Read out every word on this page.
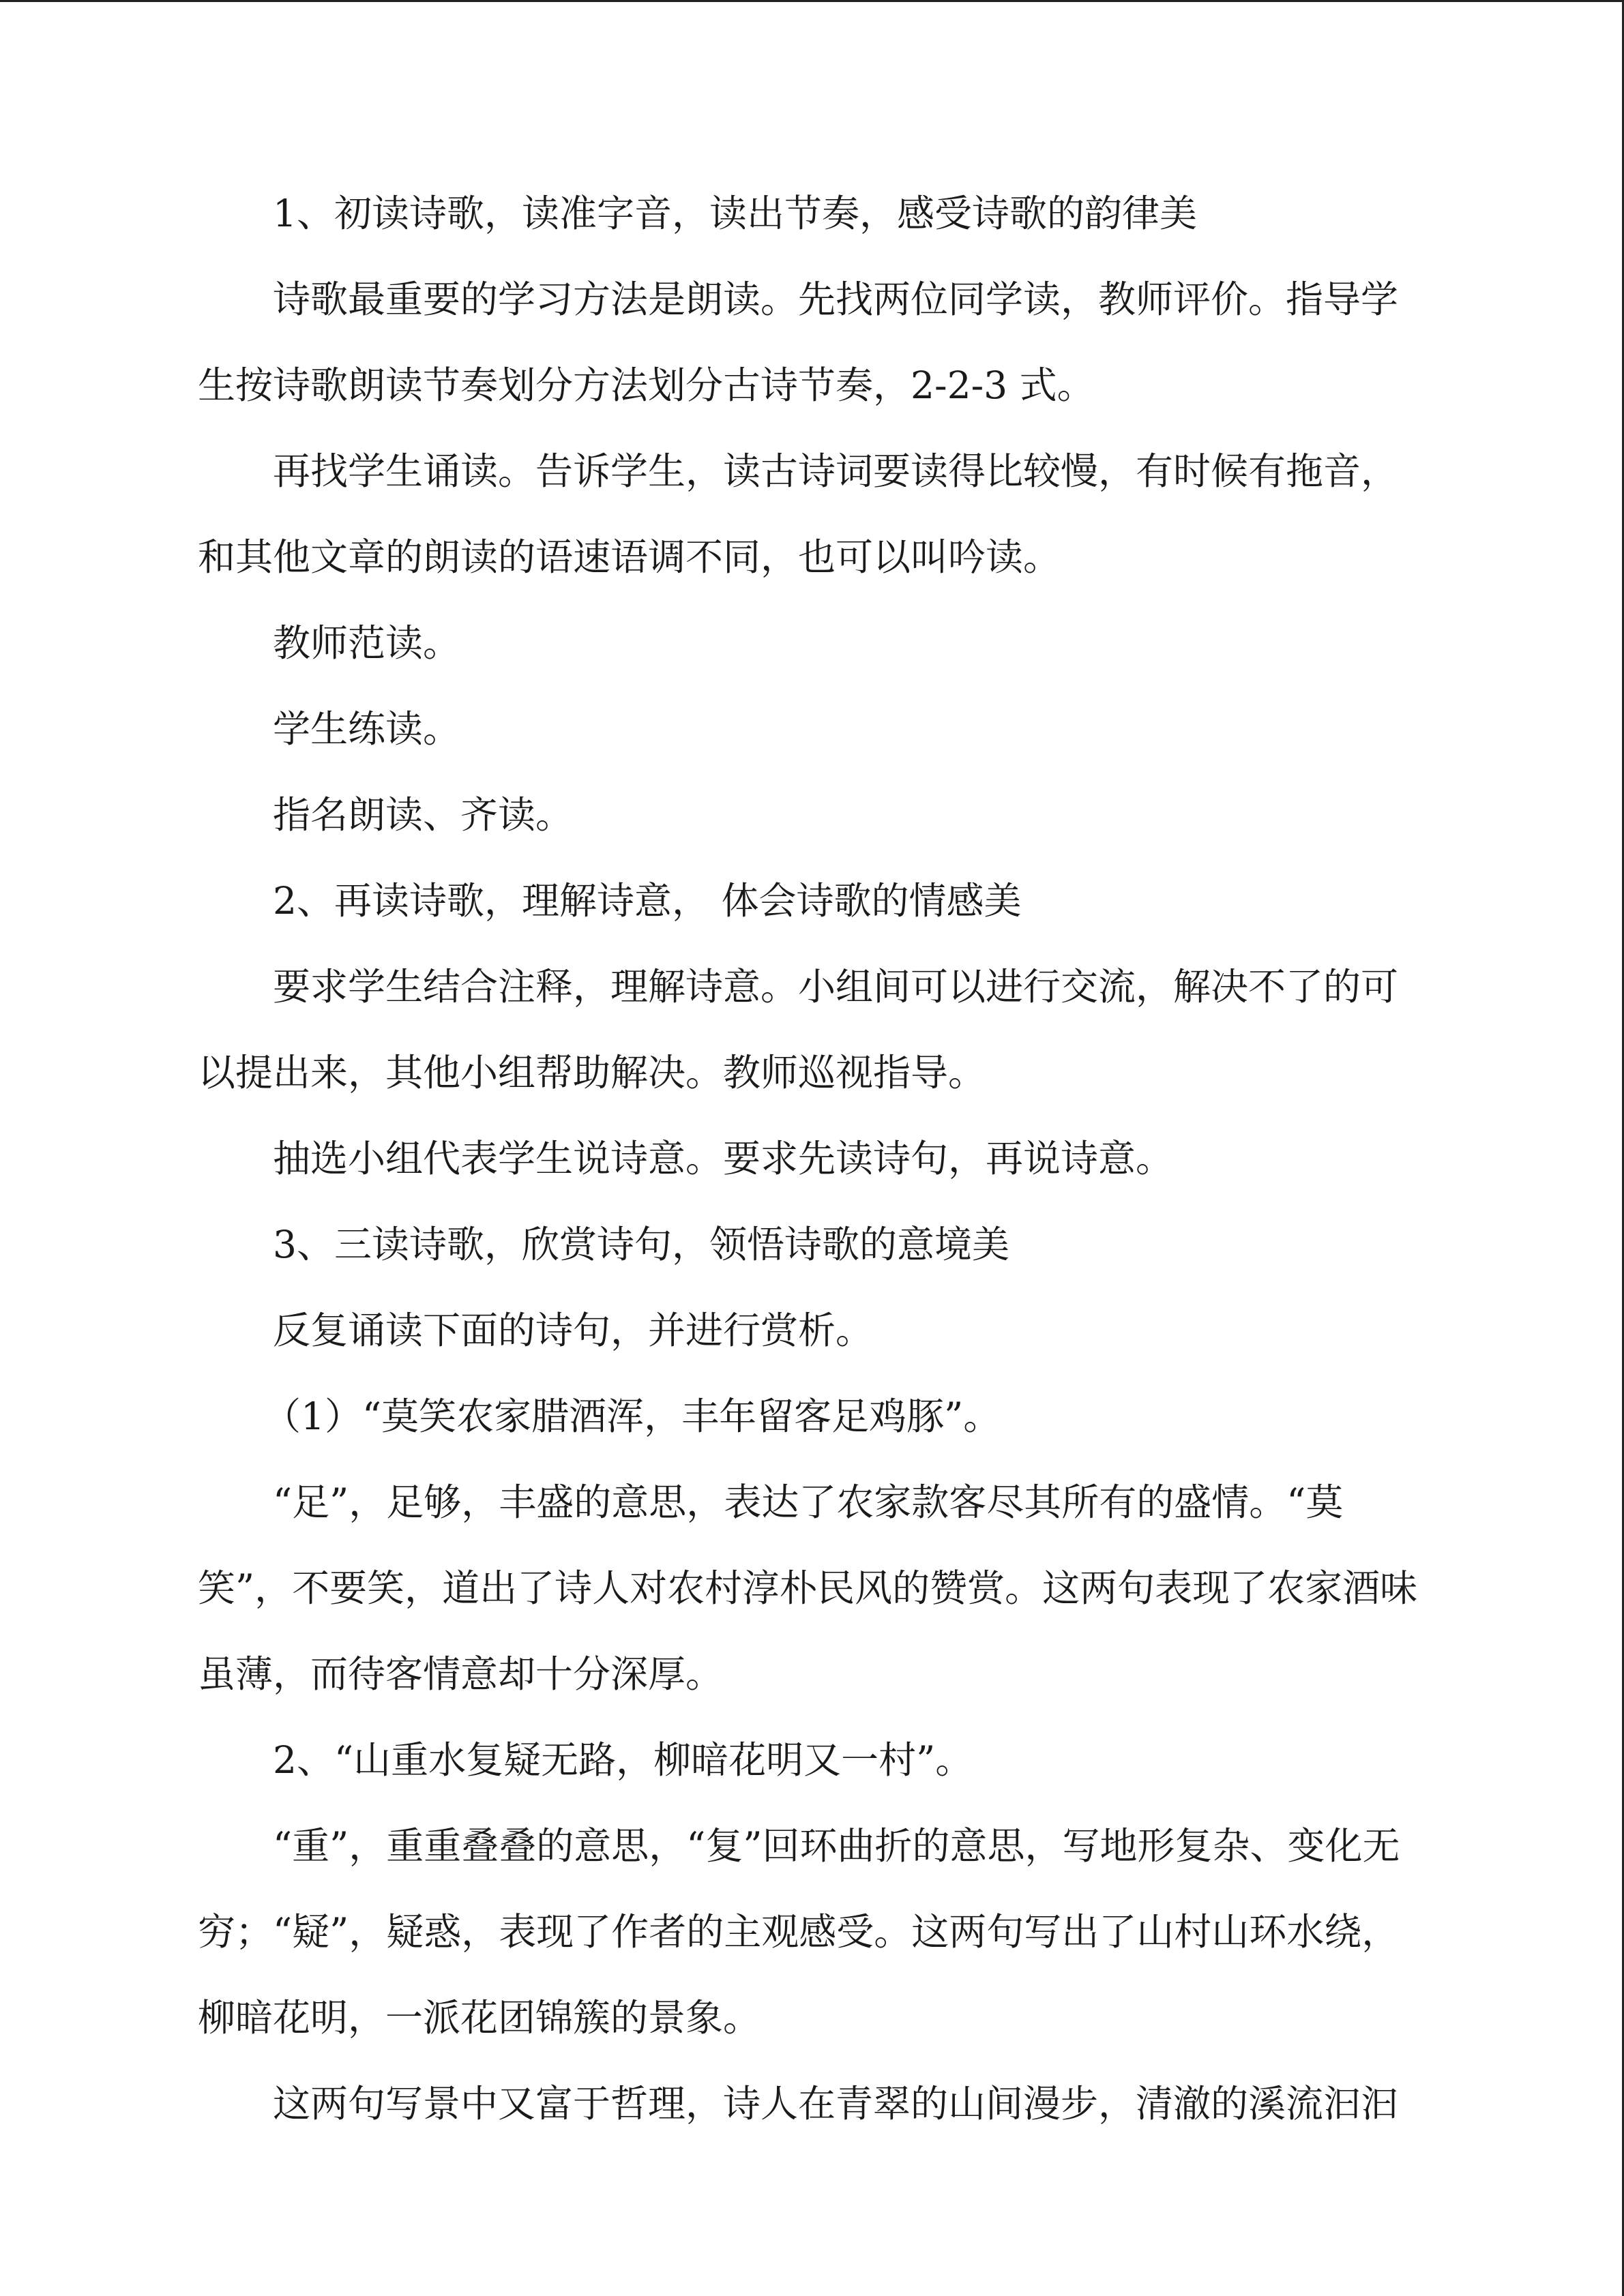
1、初读诗歌，读准字音，读出节奏，感受诗歌的韵律美

诗歌最重要的学习方法是朗读。先找两位同学读，教师评价。指导学生按诗歌朗读节奏划分方法划分古诗节奏，2-2-3 式。

再找学生诵读。告诉学生，读古诗词要读得比较慢，有时候有拖音，和其他文章的朗读的语速语调不同，也可以叫吟读。

教师范读。

学生练读。

指名朗读、齐读。

2、再读诗歌，理解诗意， 体会诗歌的情感美

要求学生结合注释，理解诗意。小组间可以进行交流，解决不了的可以提出来，其他小组帮助解决。教师巡视指导。

抽选小组代表学生说诗意。要求先读诗句，再说诗意。

3、三读诗歌，欣赏诗句，领悟诗歌的意境美

反复诵读下面的诗句，并进行赏析。

（1）“莫笑农家腊酒浑，丰年留客足鸡豚”。

“足”，足够，丰盛的意思，表达了农家款客尽其所有的盛情。“莫笑”，不要笑，道出了诗人对农村淳朴民风的赞赏。这两句表现了农家酒味虽薄，而待客情意却十分深厚。

2、“山重水复疑无路，柳暗花明又一村”。

“重”，重重叠叠的意思，“复”回环曲折的意思，写地形复杂、变化无穷；“疑”，疑惑，表现了作者的主观感受。这两句写出了山村山环水绕，柳暗花明，一派花团锦簇的景象。

这两句写景中又富于哲理，诗人在青翠的山间漫步，清澈的溪流汩汩
